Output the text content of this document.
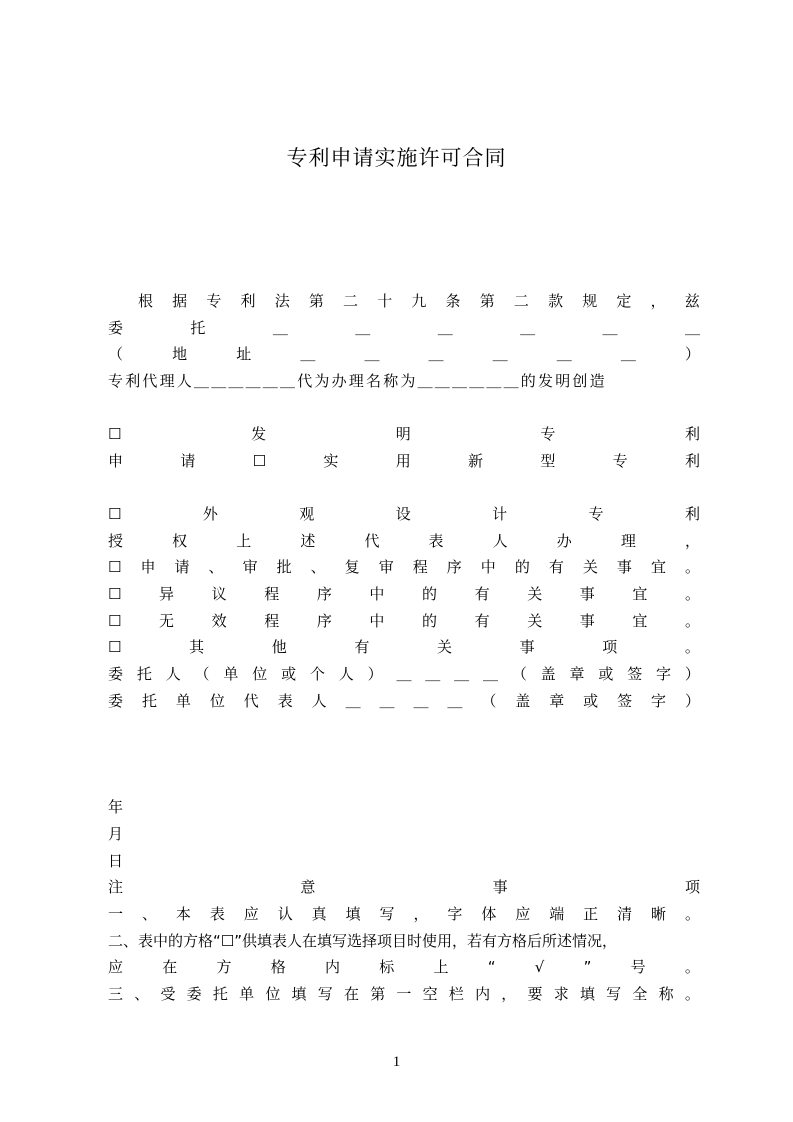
专利申请实施许可合同
根 据 专 利 法 第 二 十 九 条 第 二 款 规 定 ， 兹
委	托	＿	＿	＿	＿	＿	＿
（	地	址	＿	＿	＿	＿	＿	＿	）
专利代理人＿＿＿＿＿＿代为办理名称为＿＿＿＿＿＿的发明创造
☐	发	明	专	利
申	请	☐	实	用	新	型	专	利
☐	外	观	设	计	专	利
授	权	上	述	代	表	人	办	理	，
☐ 申 请 、 审 批 、 复 审 程 序 中 的 有 关 事 宜 。
☐	异	议	程	序	中	的	有	关	事	宜	。
☐	无	效	程	序	中	的	有	关	事	宜	。
☐	其	他	有	关	事	项	。
委 托 人 （ 单 位 或 个 人 ） ＿ ＿ ＿ ＿ （ 盖 章 或 签 字 ）
委 托 单 位 代 表 人 ＿ ＿ ＿ ＿ （ 盖 章 或 签 字 ）
年
月
日
注	意	事	项
一 、 本 表 应 认 真 填 写 ， 字 体 应 端 正 清 晰 。
二、表中的方格“☐”供填表人在填写选择项目时使用，若有方格后所述情况，
应	在	方	格	内	标	上	“	√	”	号	。
三 、 受 委 托 单 位 填 写 在 第 一 空 栏 内 ， 要 求 填 写 全 称 。
1
